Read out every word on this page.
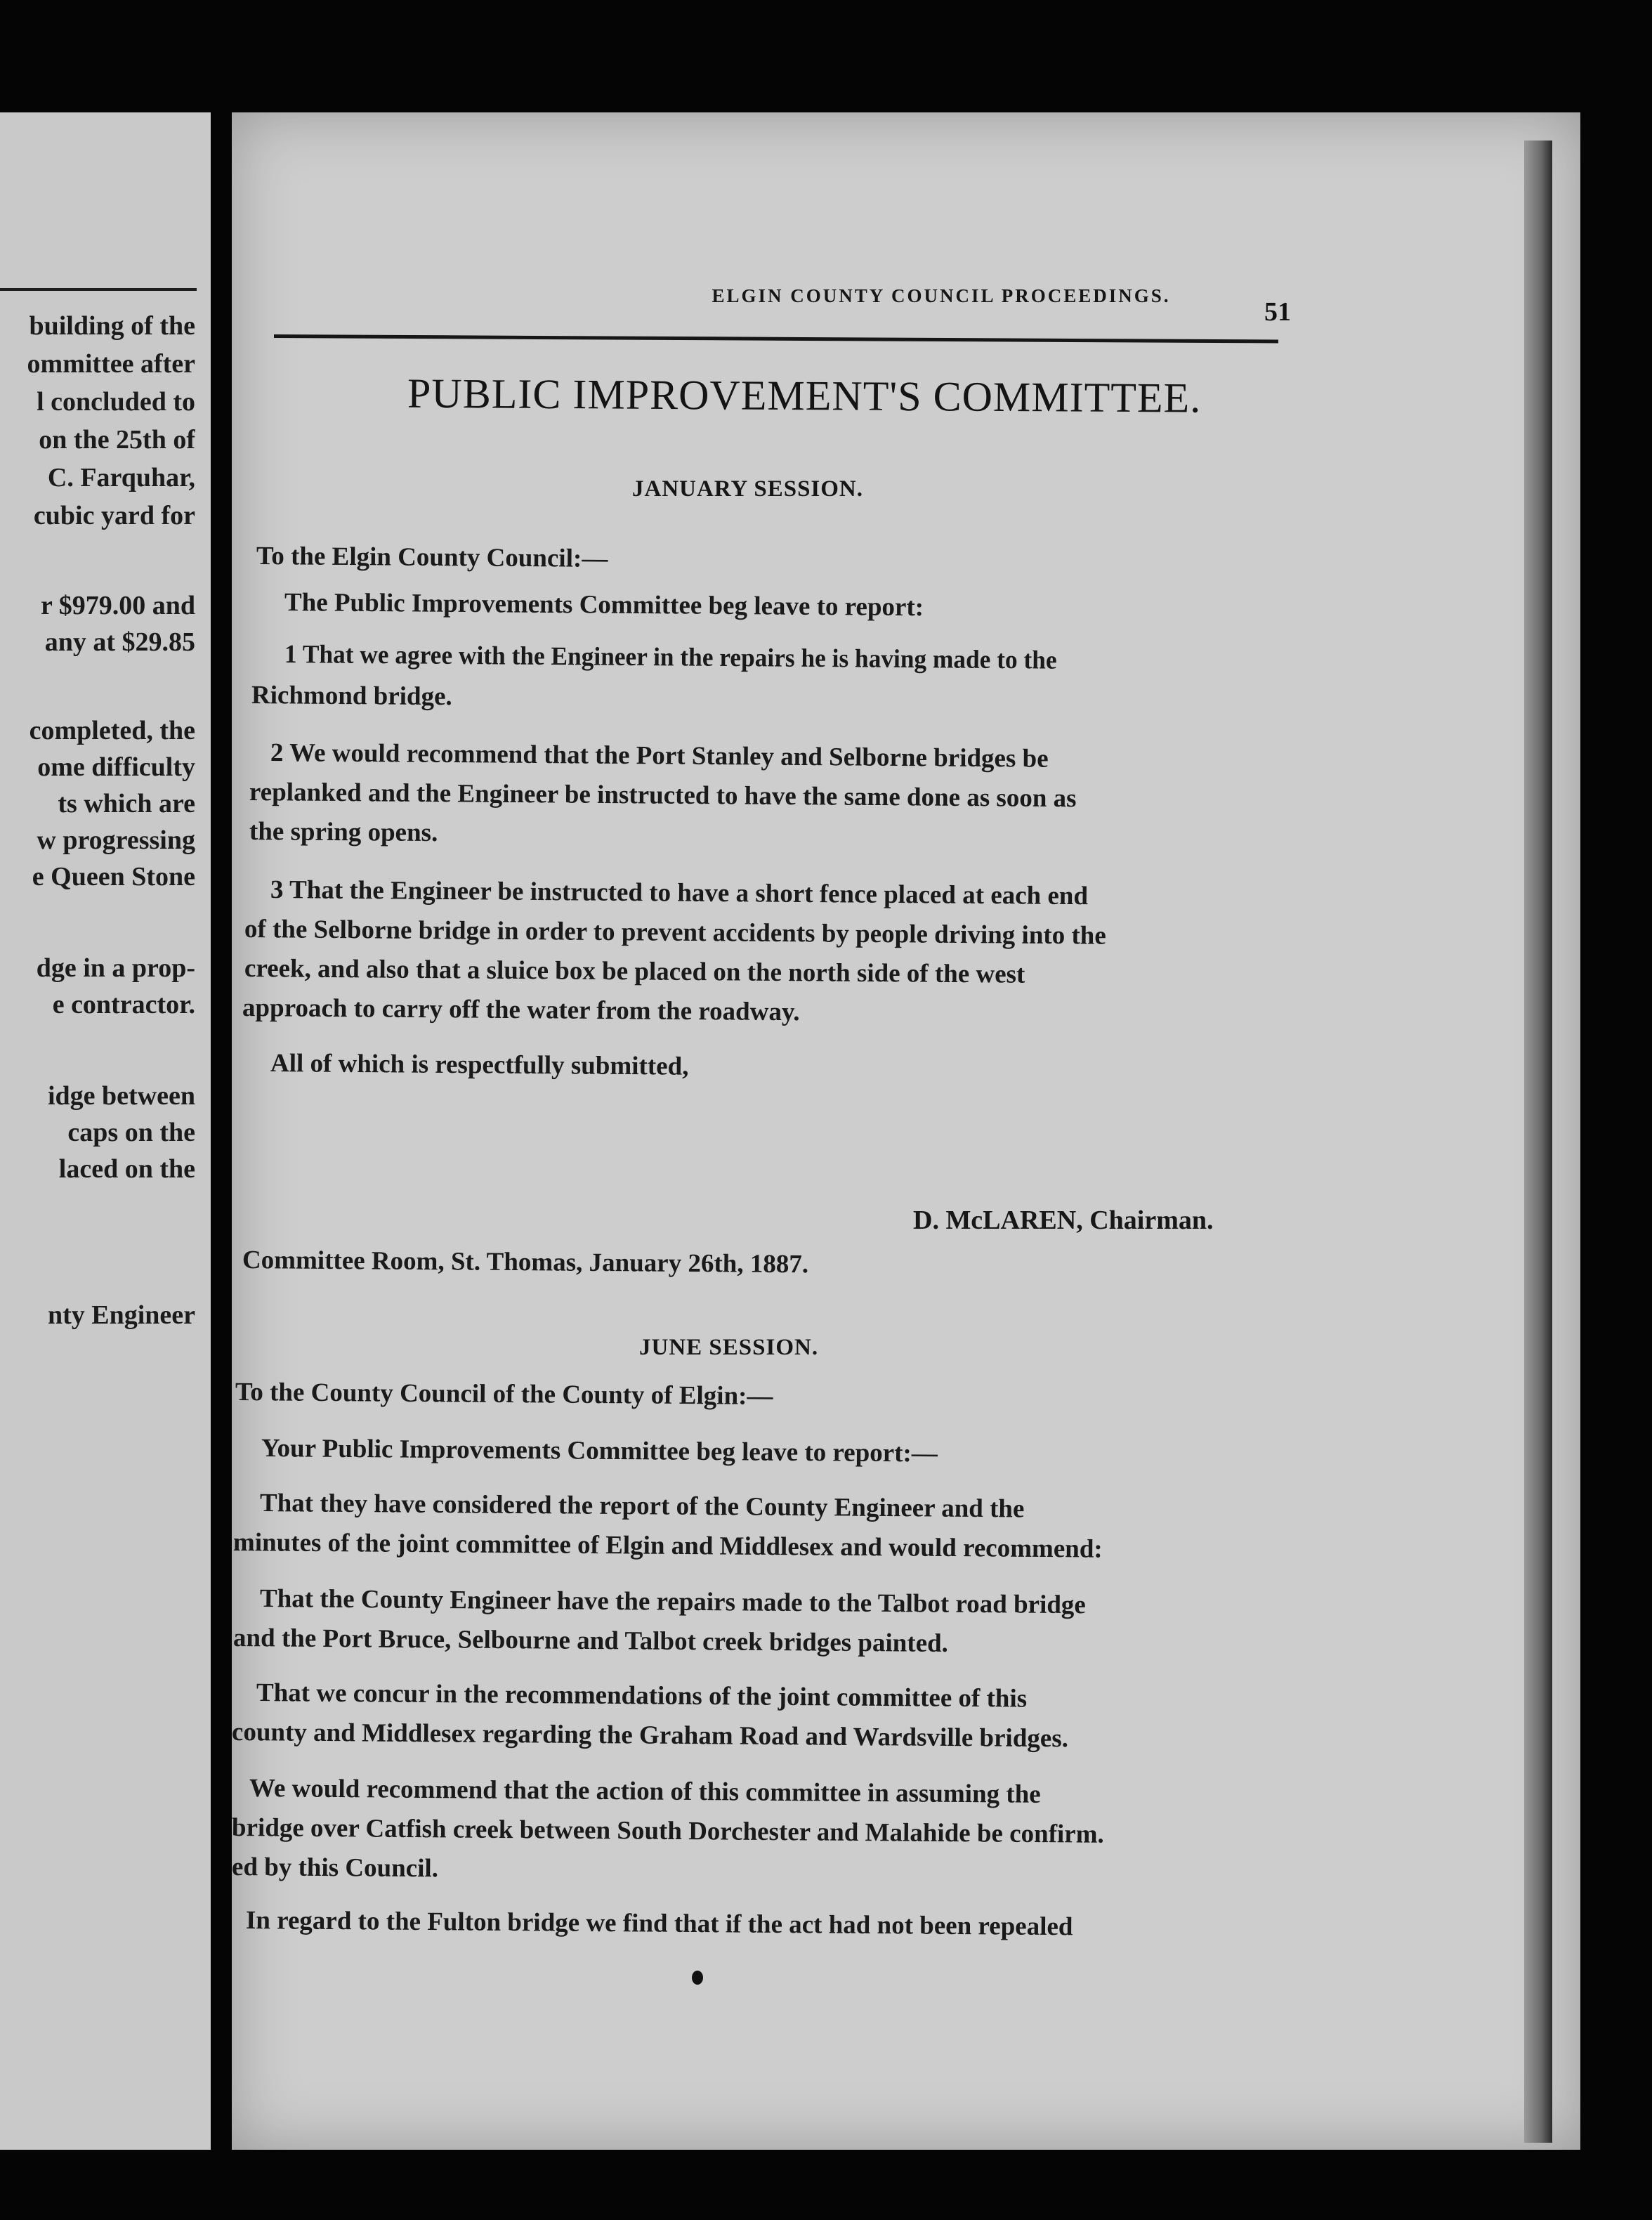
building of the

ommittee after

l concluded to

on the 25th of

C. Farquhar,

cubic yard for

r $979.00 and

any at $29.85

completed, the

ome difficulty

ts which are

w progressing

e Queen Stone

dge in a prop-

e contractor.

idge between

caps on the

laced on the

nty Engineer

ELGIN COUNTY COUNCIL PROCEEDINGS.

51

PUBLIC IMPROVEMENT'S COMMITTEE.

JANUARY SESSION.

To the Elgin County Council:—

The Public Improvements Committee beg leave to report:

1 That we agree with the Engineer in the repairs he is having made to the

Richmond bridge.

2 We would recommend that the Port Stanley and Selborne bridges be

replanked and the Engineer be instructed to have the same done as soon as

the spring opens.

3 That the Engineer be instructed to have a short fence placed at each end

of the Selborne bridge in order to prevent accidents by people driving into the

creek, and also that a sluice box be placed on the north side of the west

approach to carry off the water from the roadway.

All of which is respectfully submitted,

D. McLAREN, Chairman.

Committee Room, St. Thomas, January 26th, 1887.

JUNE SESSION.

To the County Council of the County of Elgin:—

Your Public Improvements Committee beg leave to report:—

That they have considered the report of the County Engineer and the

minutes of the joint committee of Elgin and Middlesex and would recommend:

That the County Engineer have the repairs made to the Talbot road bridge

and the Port Bruce, Selbourne and Talbot creek bridges painted.

That we concur in the recommendations of the joint committee of this

county and Middlesex regarding the Graham Road and Wardsville bridges.

We would recommend that the action of this committee in assuming the

bridge over Catfish creek between South Dorchester and Malahide be confirm.

ed by this Council.

In regard to the Fulton bridge we find that if the act had not been repealed
